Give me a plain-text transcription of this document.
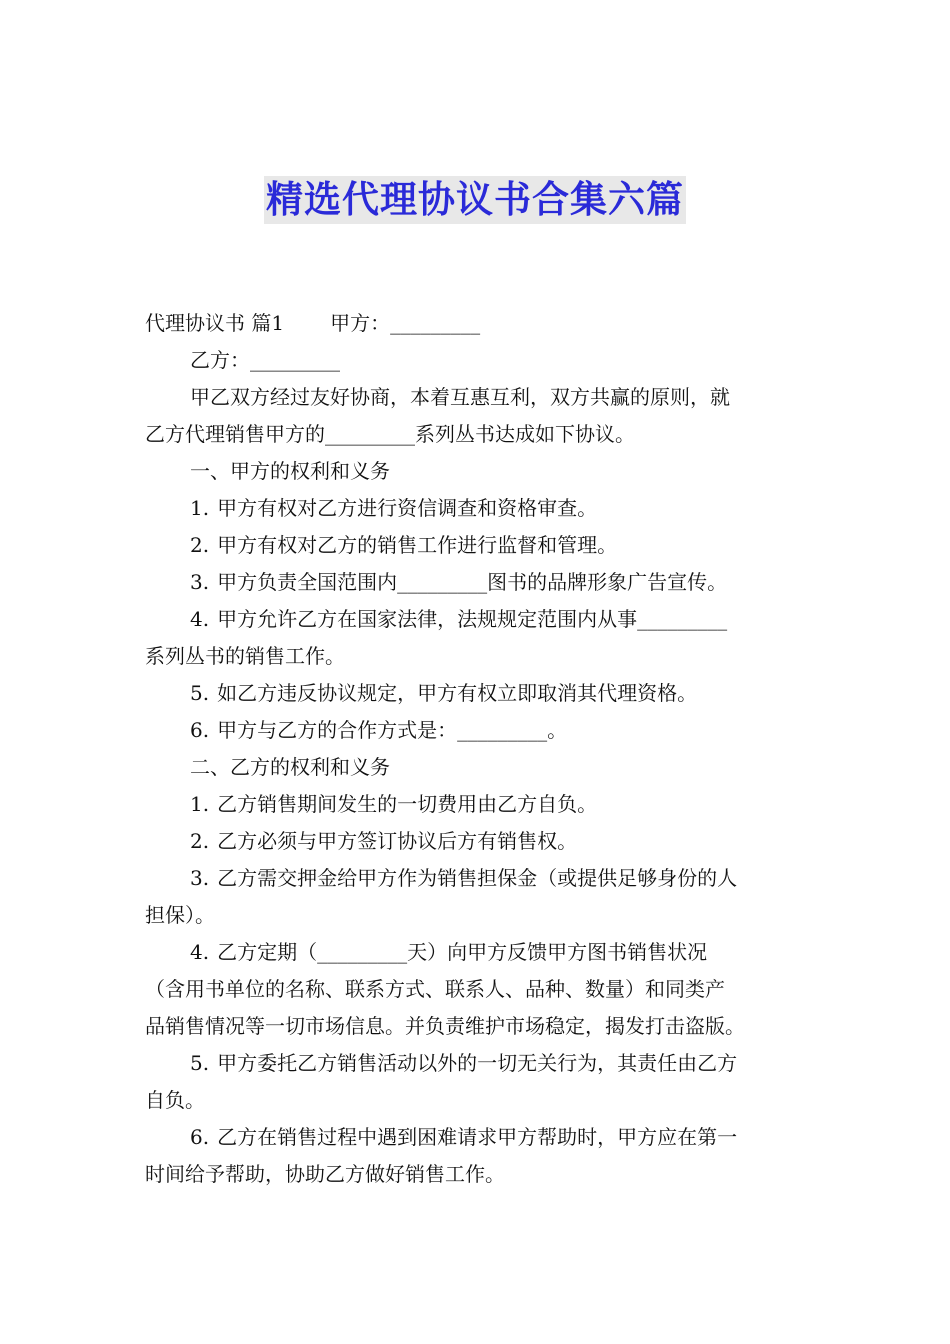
精选代理协议书合集六篇
代理协议书 篇1 甲方：_________
乙方：_________
甲乙双方经过友好协商，本着互惠互利，双方共赢的原则，就
乙方代理销售甲方的_________系列丛书达成如下协议。
一、甲方的权利和义务
1. 甲方有权对乙方进行资信调查和资格审查。
2. 甲方有权对乙方的销售工作进行监督和管理。
3. 甲方负责全国范围内_________图书的品牌形象广告宣传。
4. 甲方允许乙方在国家法律，法规规定范围内从事_________
系列丛书的销售工作。
5. 如乙方违反协议规定，甲方有权立即取消其代理资格。
6. 甲方与乙方的合作方式是：_________。
二、乙方的权利和义务
1. 乙方销售期间发生的一切费用由乙方自负。
2. 乙方必须与甲方签订协议后方有销售权。
3. 乙方需交押金给甲方作为销售担保金（或提供足够身份的人
担保）。
4. 乙方定期（_________天）向甲方反馈甲方图书销售状况
（含用书单位的名称、联系方式、联系人、品种、数量）和同类产
品销售情况等一切市场信息。并负责维护市场稳定，揭发打击盗版。
5. 甲方委托乙方销售活动以外的一切无关行为，其责任由乙方
自负。
6. 乙方在销售过程中遇到困难请求甲方帮助时，甲方应在第一
时间给予帮助，协助乙方做好销售工作。
